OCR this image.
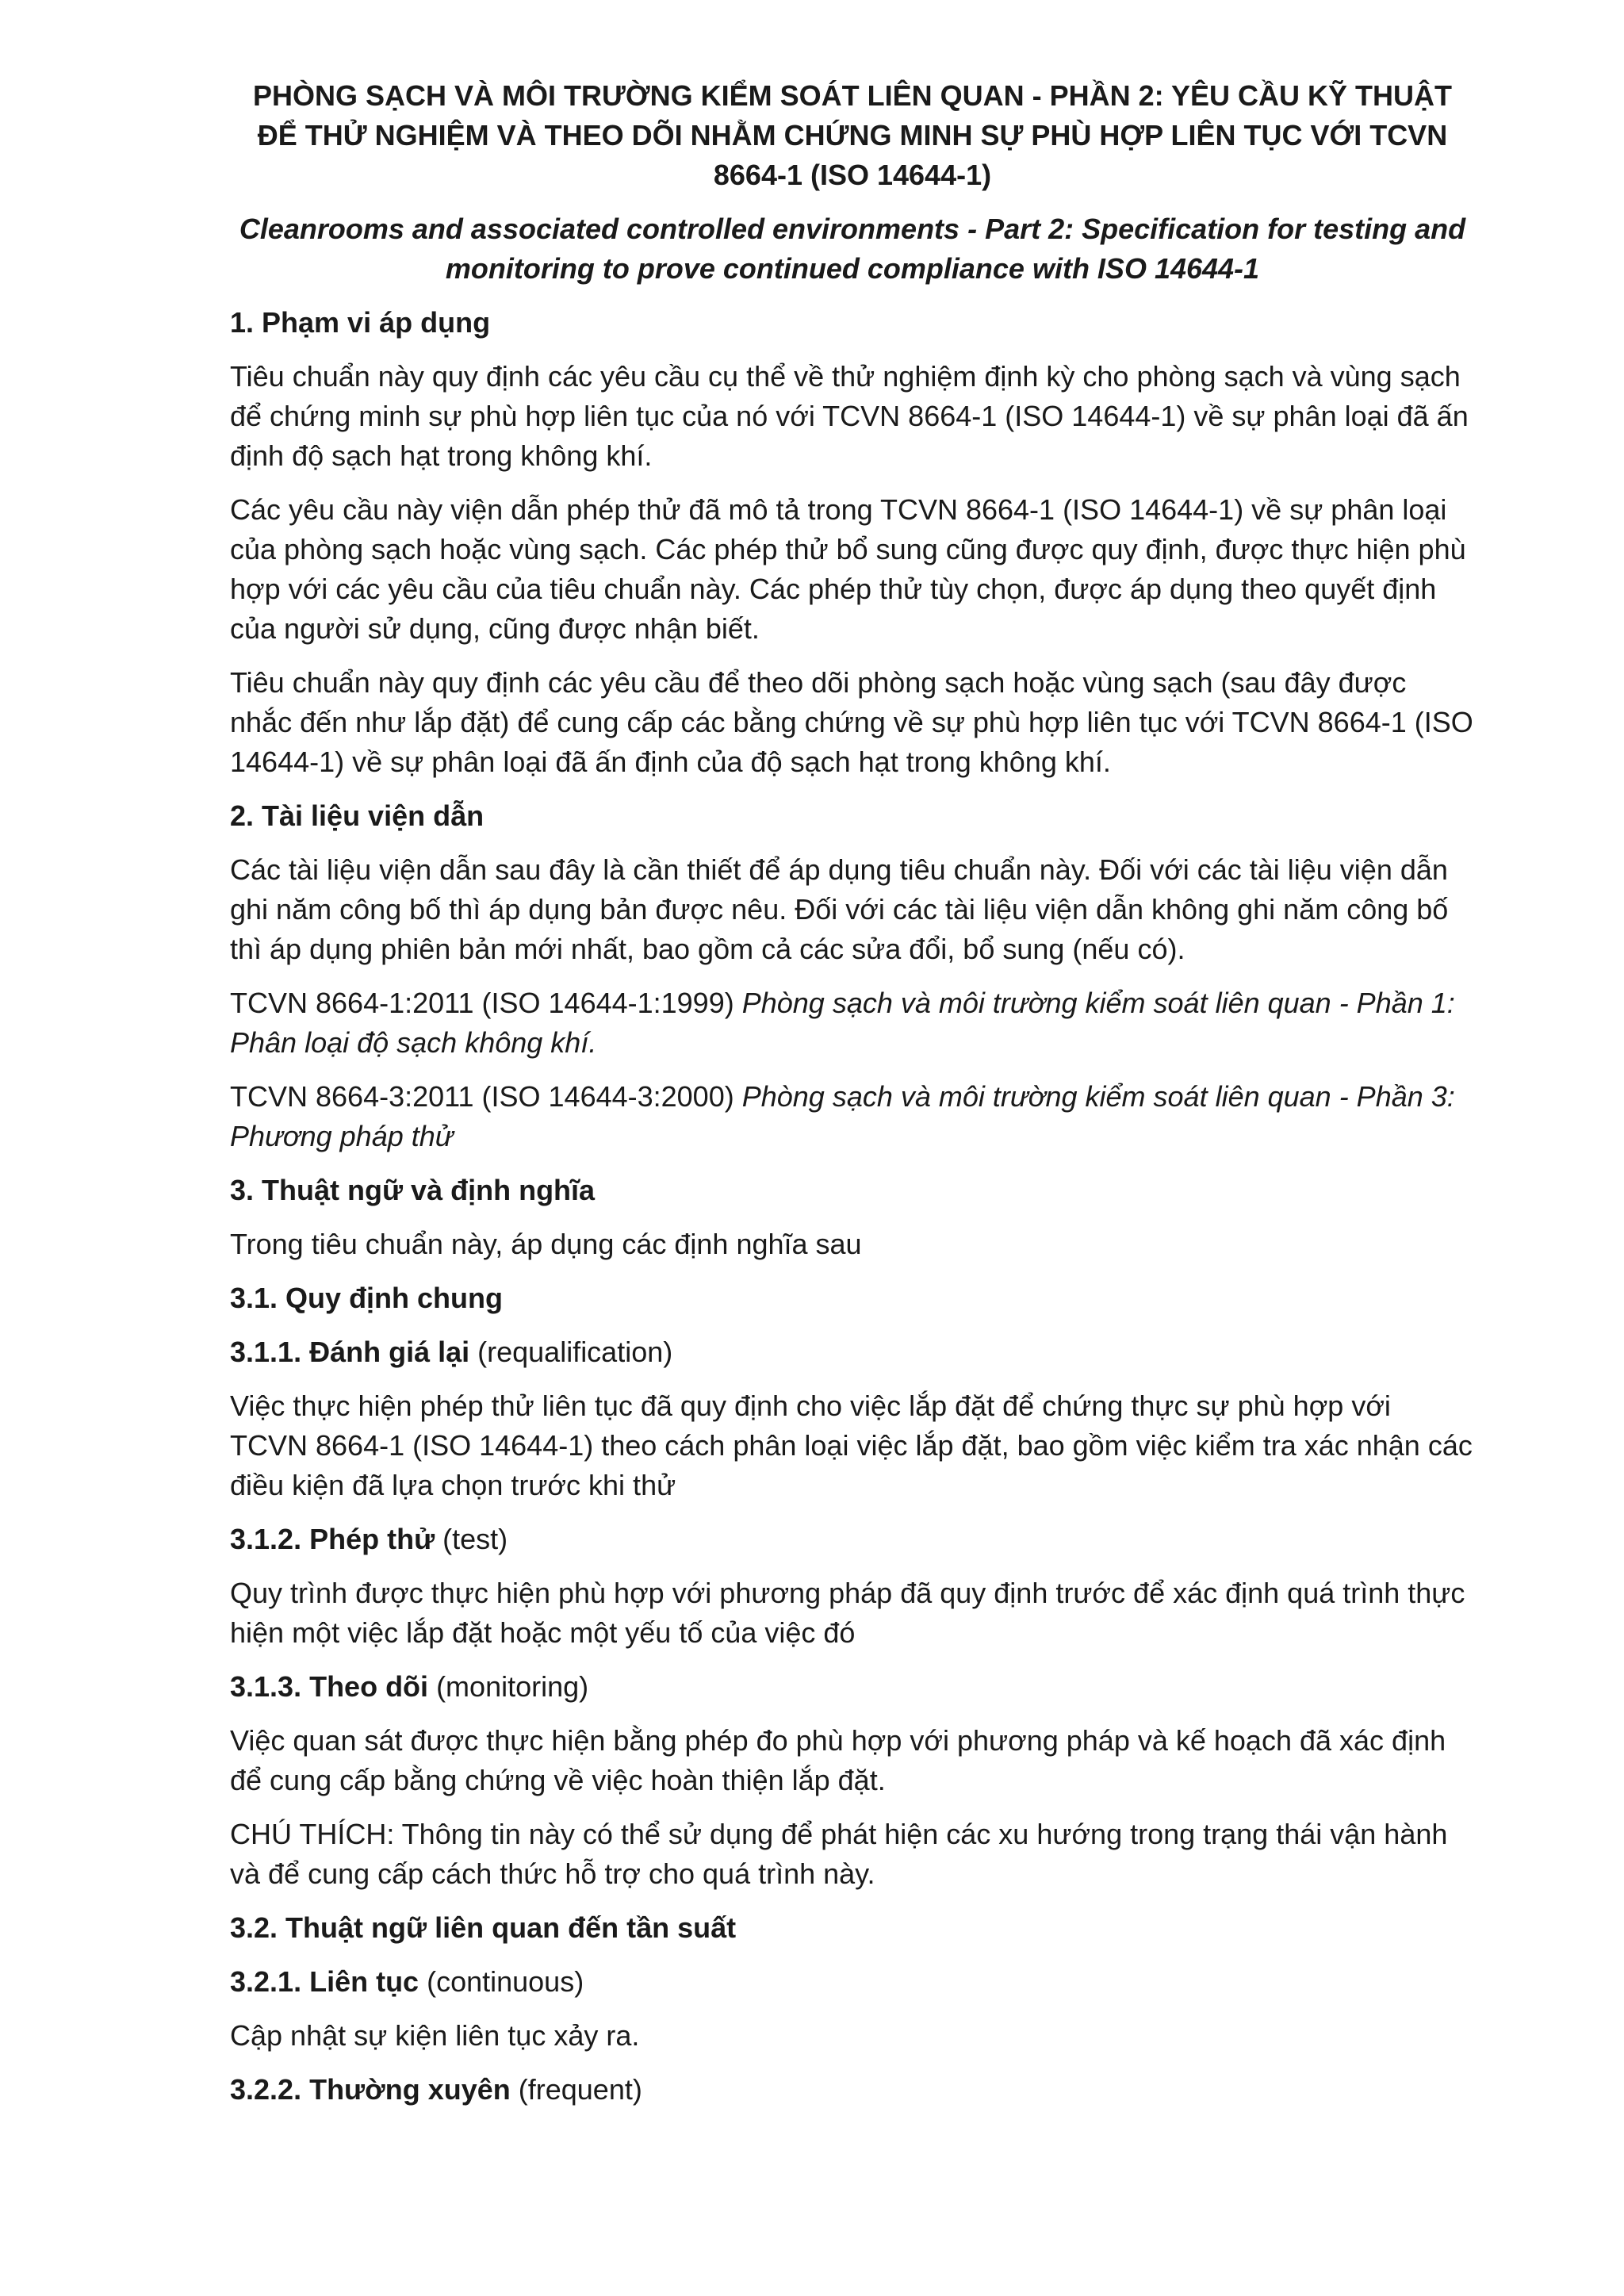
PHÒNG SẠCH VÀ MÔI TRƯỜNG KIỂM SOÁT LIÊN QUAN - PHẦN 2: YÊU CẦU KỸ THUẬT ĐỂ THỬ NGHIỆM VÀ THEO DÕI NHẰM CHỨNG MINH SỰ PHÙ HỢP LIÊN TỤC VỚI TCVN 8664-1 (ISO 14644-1)
Cleanrooms and associated controlled environments - Part 2: Specification for testing and monitoring to prove continued compliance with ISO 14644-1
1. Phạm vi áp dụng

Tiêu chuẩn này quy định các yêu cầu cụ thể về thử nghiệm định kỳ cho phòng sạch và vùng sạch để chứng minh sự phù hợp liên tục của nó với TCVN 8664-1 (ISO 14644-1) về sự phân loại đã ấn định độ sạch hạt trong không khí.

Các yêu cầu này viện dẫn phép thử đã mô tả trong TCVN 8664-1 (ISO 14644-1) về sự phân loại của phòng sạch hoặc vùng sạch. Các phép thử bổ sung cũng được quy định, được thực hiện phù hợp với các yêu cầu của tiêu chuẩn này. Các phép thử tùy chọn, được áp dụng theo quyết định của người sử dụng, cũng được nhận biết.

Tiêu chuẩn này quy định các yêu cầu để theo dõi phòng sạch hoặc vùng sạch (sau đây được nhắc đến như lắp đặt) để cung cấp các bằng chứng về sự phù hợp liên tục với TCVN 8664-1 (ISO 14644-1) về sự phân loại đã ấn định của độ sạch hạt trong không khí.

2. Tài liệu viện dẫn

Các tài liệu viện dẫn sau đây là cần thiết để áp dụng tiêu chuẩn này. Đối với các tài liệu viện dẫn ghi năm công bố thì áp dụng bản được nêu. Đối với các tài liệu viện dẫn không ghi năm công bố thì áp dụng phiên bản mới nhất, bao gồm cả các sửa đổi, bổ sung (nếu có).

TCVN 8664-1:2011 (ISO 14644-1:1999) Phòng sạch và môi trường kiểm soát liên quan - Phần 1: Phân loại độ sạch không khí.

TCVN 8664-3:2011 (ISO 14644-3:2000) Phòng sạch và môi trường kiểm soát liên quan - Phần 3: Phương pháp thử

3. Thuật ngữ và định nghĩa

Trong tiêu chuẩn này, áp dụng các định nghĩa sau

3.1. Quy định chung

3.1.1. Đánh giá lại (requalification)

Việc thực hiện phép thử liên tục đã quy định cho việc lắp đặt để chứng thực sự phù hợp với TCVN 8664-1 (ISO 14644-1) theo cách phân loại việc lắp đặt, bao gồm việc kiểm tra xác nhận các điều kiện đã lựa chọn trước khi thử

3.1.2. Phép thử (test)

Quy trình được thực hiện phù hợp với phương pháp đã quy định trước để xác định quá trình thực hiện một việc lắp đặt hoặc một yếu tố của việc đó

3.1.3. Theo dõi (monitoring)

Việc quan sát được thực hiện bằng phép đo phù hợp với phương pháp và kế hoạch đã xác định để cung cấp bằng chứng về việc hoàn thiện lắp đặt.

CHÚ THÍCH: Thông tin này có thể sử dụng để phát hiện các xu hướng trong trạng thái vận hành và để cung cấp cách thức hỗ trợ cho quá trình này.

3.2. Thuật ngữ liên quan đến tần suất

3.2.1. Liên tục (continuous)

Cập nhật sự kiện liên tục xảy ra.

3.2.2. Thường xuyên (frequent)
